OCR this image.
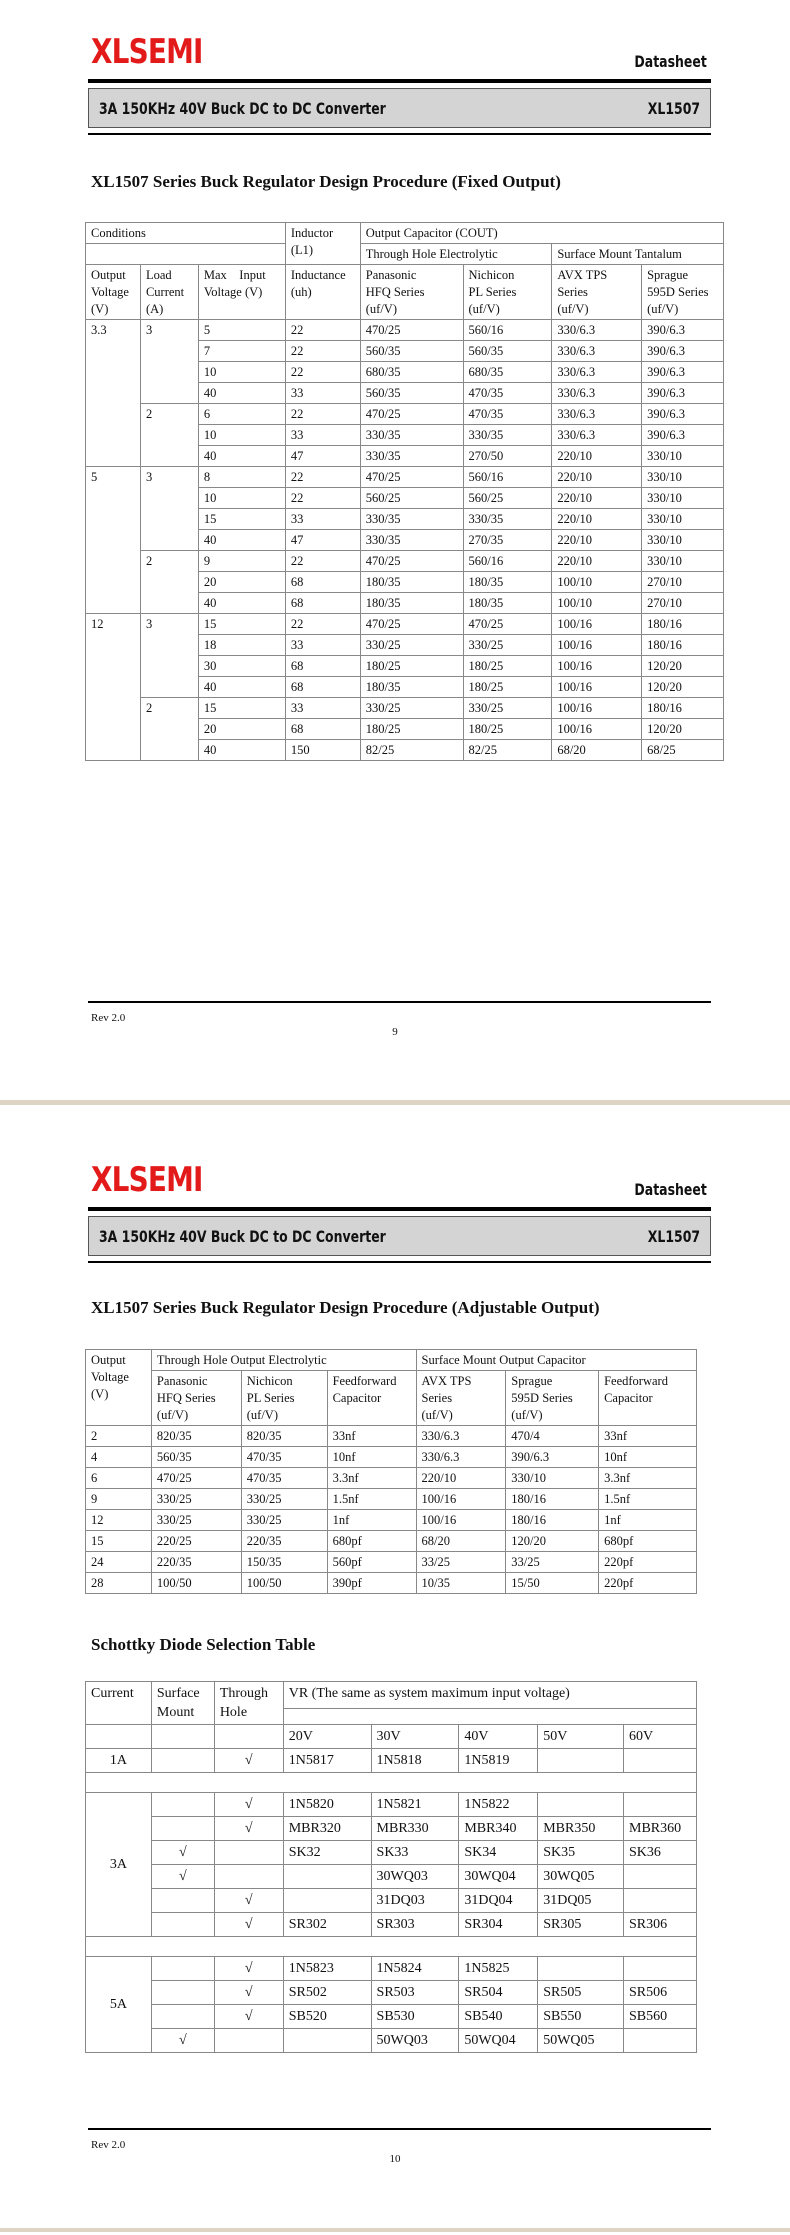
XLSEMI	Datasheet
3A 150KHz 40V Buck DC to DC Converter	XL1507
XL1507 Series Buck Regulator Design Procedure (Fixed Output)
Conditions			Inductor
(L1)	Output Capacitor (COUT)			
				Through Hole Electrolytic		Surface Mount Tantalum	

Output
Voltage
(V)	Load
Current
(A)	Max    Input
Voltage (V)	Inductance
(uh)	Panasonic
HFQ Series
(uf/V)	Nichicon
PL Series
(uf/V)	AVX TPS
Series
(uf/V)	Sprague
595D Series
(uf/V)

3.3	3	5	22	470/25	560/16	330/6.3	390/6.3
		7	22	560/35	560/35	330/6.3	390/6.3
		10	22	680/35	680/35	330/6.3	390/6.3
		40	33	560/35	470/35	330/6.3	390/6.3
	2	6	22	470/25	470/35	330/6.3	390/6.3
		10	33	330/35	330/35	330/6.3	390/6.3
		40	47	330/35	270/50	220/10	330/10
5	3	8	22	470/25	560/16	220/10	330/10
		10	22	560/25	560/25	220/10	330/10
		15	33	330/35	330/35	220/10	330/10
		40	47	330/35	270/35	220/10	330/10
	2	9	22	470/25	560/16	220/10	330/10
		20	68	180/35	180/35	100/10	270/10
		40	68	180/35	180/35	100/10	270/10
12	3	15	22	470/25	470/25	100/16	180/16
		18	33	330/25	330/25	100/16	180/16
		30	68	180/25	180/25	100/16	120/20
		40	68	180/35	180/25	100/16	120/20
	2	15	33	330/25	330/25	100/16	180/16
		20	68	180/25	180/25	100/16	120/20
		40	150	82/25	82/25	68/20	68/25
Rev 2.0
9
XLSEMI	Datasheet
3A 150KHz 40V Buck DC to DC Converter	XL1507
XL1507 Series Buck Regulator Design Procedure (Adjustable Output)
Output
Voltage
(V)	Through Hole Output Electrolytic			Surface Mount Output Capacitor		

	Panasonic
HFQ Series
(uf/V)	Nichicon
PL Series
(uf/V)	Feedforward
Capacitor	AVX TPS
Series
(uf/V)	Sprague
595D Series
(uf/V)	Feedforward
Capacitor

2	820/35	820/35	33nf	330/6.3	470/4	33nf
4	560/35	470/35	10nf	330/6.3	390/6.3	10nf
6	470/25	470/35	3.3nf	220/10	330/10	3.3nf
9	330/25	330/25	1.5nf	100/16	180/16	1.5nf
12	330/25	330/25	1nf	100/16	180/16	1nf
15	220/25	220/35	680pf	68/20	120/20	680pf
24	220/35	150/35	560pf	33/25	33/25	220pf
28	100/50	100/50	390pf	10/35	15/50	220pf
Schottky Diode Selection Table
Current	Surface
Mount	Through
Hole	VR (The same as system maximum input voltage)				

			20V	30V	40V	50V	60V
1A		√	1N5817	1N5818	1N5819		

3A		√	1N5820	1N5821	1N5822		
		√	MBR320	MBR330	MBR340	MBR350	MBR360
	√		SK32	SK33	SK34	SK35	SK36
	√			30WQ03	30WQ04	30WQ05	
		√		31DQ03	31DQ04	31DQ05	
		√	SR302	SR303	SR304	SR305	SR306

5A		√	1N5823	1N5824	1N5825		
		√	SR502	SR503	SR504	SR505	SR506
		√	SB520	SB530	SB540	SB550	SB560
	√			50WQ03	50WQ04	50WQ05	
Rev 2.0
10
